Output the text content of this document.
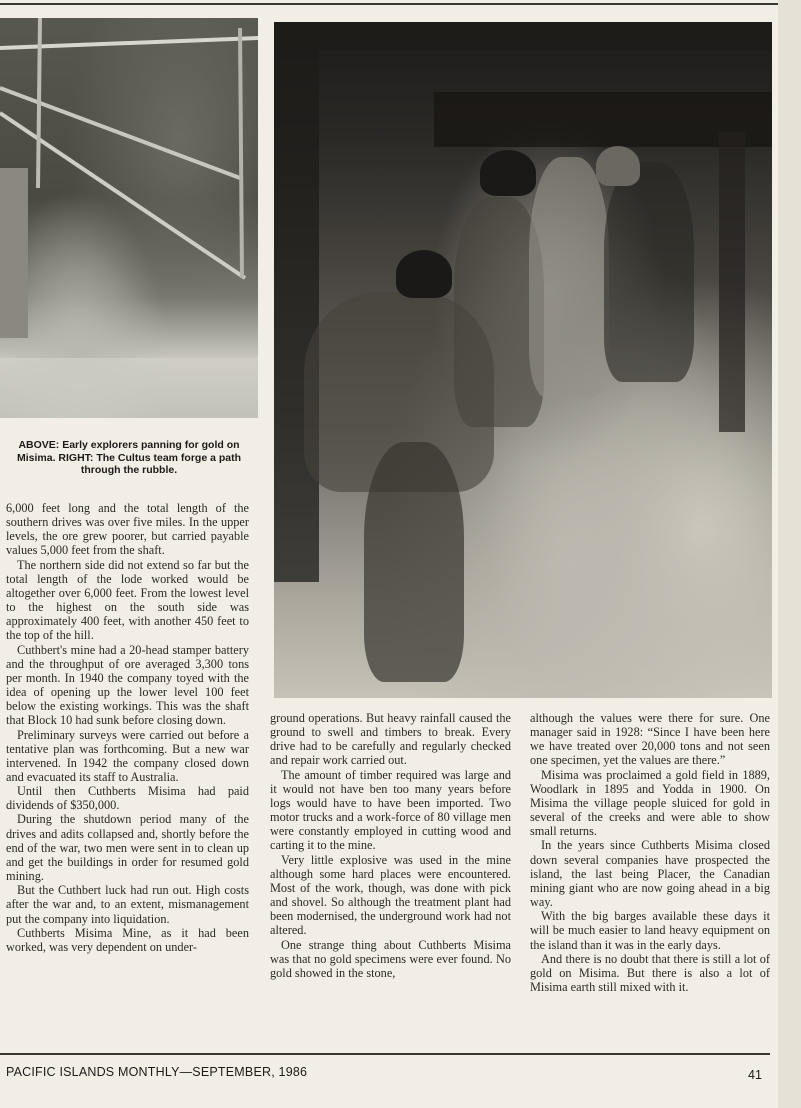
ABOVE: Early explorers panning for gold on Misima. RIGHT: The Cultus team forge a path through the rubble.

6,000 feet long and the total length of the southern drives was over five miles. In the upper levels, the ore grew poorer, but carried payable values 5,000 feet from the shaft.

The northern side did not extend so far but the total length of the lode worked would be altogether over 6,000 feet. From the lowest level to the highest on the south side was approximately 400 feet, with another 450 feet to the top of the hill.

Cuthbert's mine had a 20-head stamper battery and the throughput of ore averaged 3,300 tons per month. In 1940 the company toyed with the idea of opening up the lower level 100 feet below the existing workings. This was the shaft that Block 10 had sunk before closing down.

Preliminary surveys were carried out before a tentative plan was forthcoming. But a new war intervened. In 1942 the company closed down and evacuated its staff to Australia.

Until then Cuthberts Misima had paid dividends of $350,000.

During the shutdown period many of the drives and adits collapsed and, shortly before the end of the war, two men were sent in to clean up and get the buildings in order for resumed gold mining.

But the Cuthbert luck had run out. High costs after the war and, to an extent, mismanagement put the company into liquidation.

Cuthberts Misima Mine, as it had been worked, was very dependent on under-

ground operations. But heavy rainfall caused the ground to swell and timbers to break. Every drive had to be carefully and regularly checked and repair work carried out.

The amount of timber required was large and it would not have ben too many years before logs would have to have been imported. Two motor trucks and a work-force of 80 village men were constantly employed in cutting wood and carting it to the mine.

Very little explosive was used in the mine although some hard places were encountered. Most of the work, though, was done with pick and shovel. So although the treatment plant had been modernised, the underground work had not altered.

One strange thing about Cuthberts Misima was that no gold specimens were ever found. No gold showed in the stone,

although the values were there for sure. One manager said in 1928: “Since I have been here we have treated over 20,000 tons and not seen one specimen, yet the values are there.”

Misima was proclaimed a gold field in 1889, Woodlark in 1895 and Yodda in 1900. On Misima the village people sluiced for gold in several of the creeks and were able to show small returns.

In the years since Cuthberts Misima closed down several companies have prospected the island, the last being Placer, the Canadian mining giant who are now going ahead in a big way.

With the big barges available these days it will be much easier to land heavy equipment on the island than it was in the early days.

And there is no doubt that there is still a lot of gold on Misima. But there is also a lot of Misima earth still mixed with it.

PACIFIC ISLANDS MONTHLY—SEPTEMBER, 1986	41
